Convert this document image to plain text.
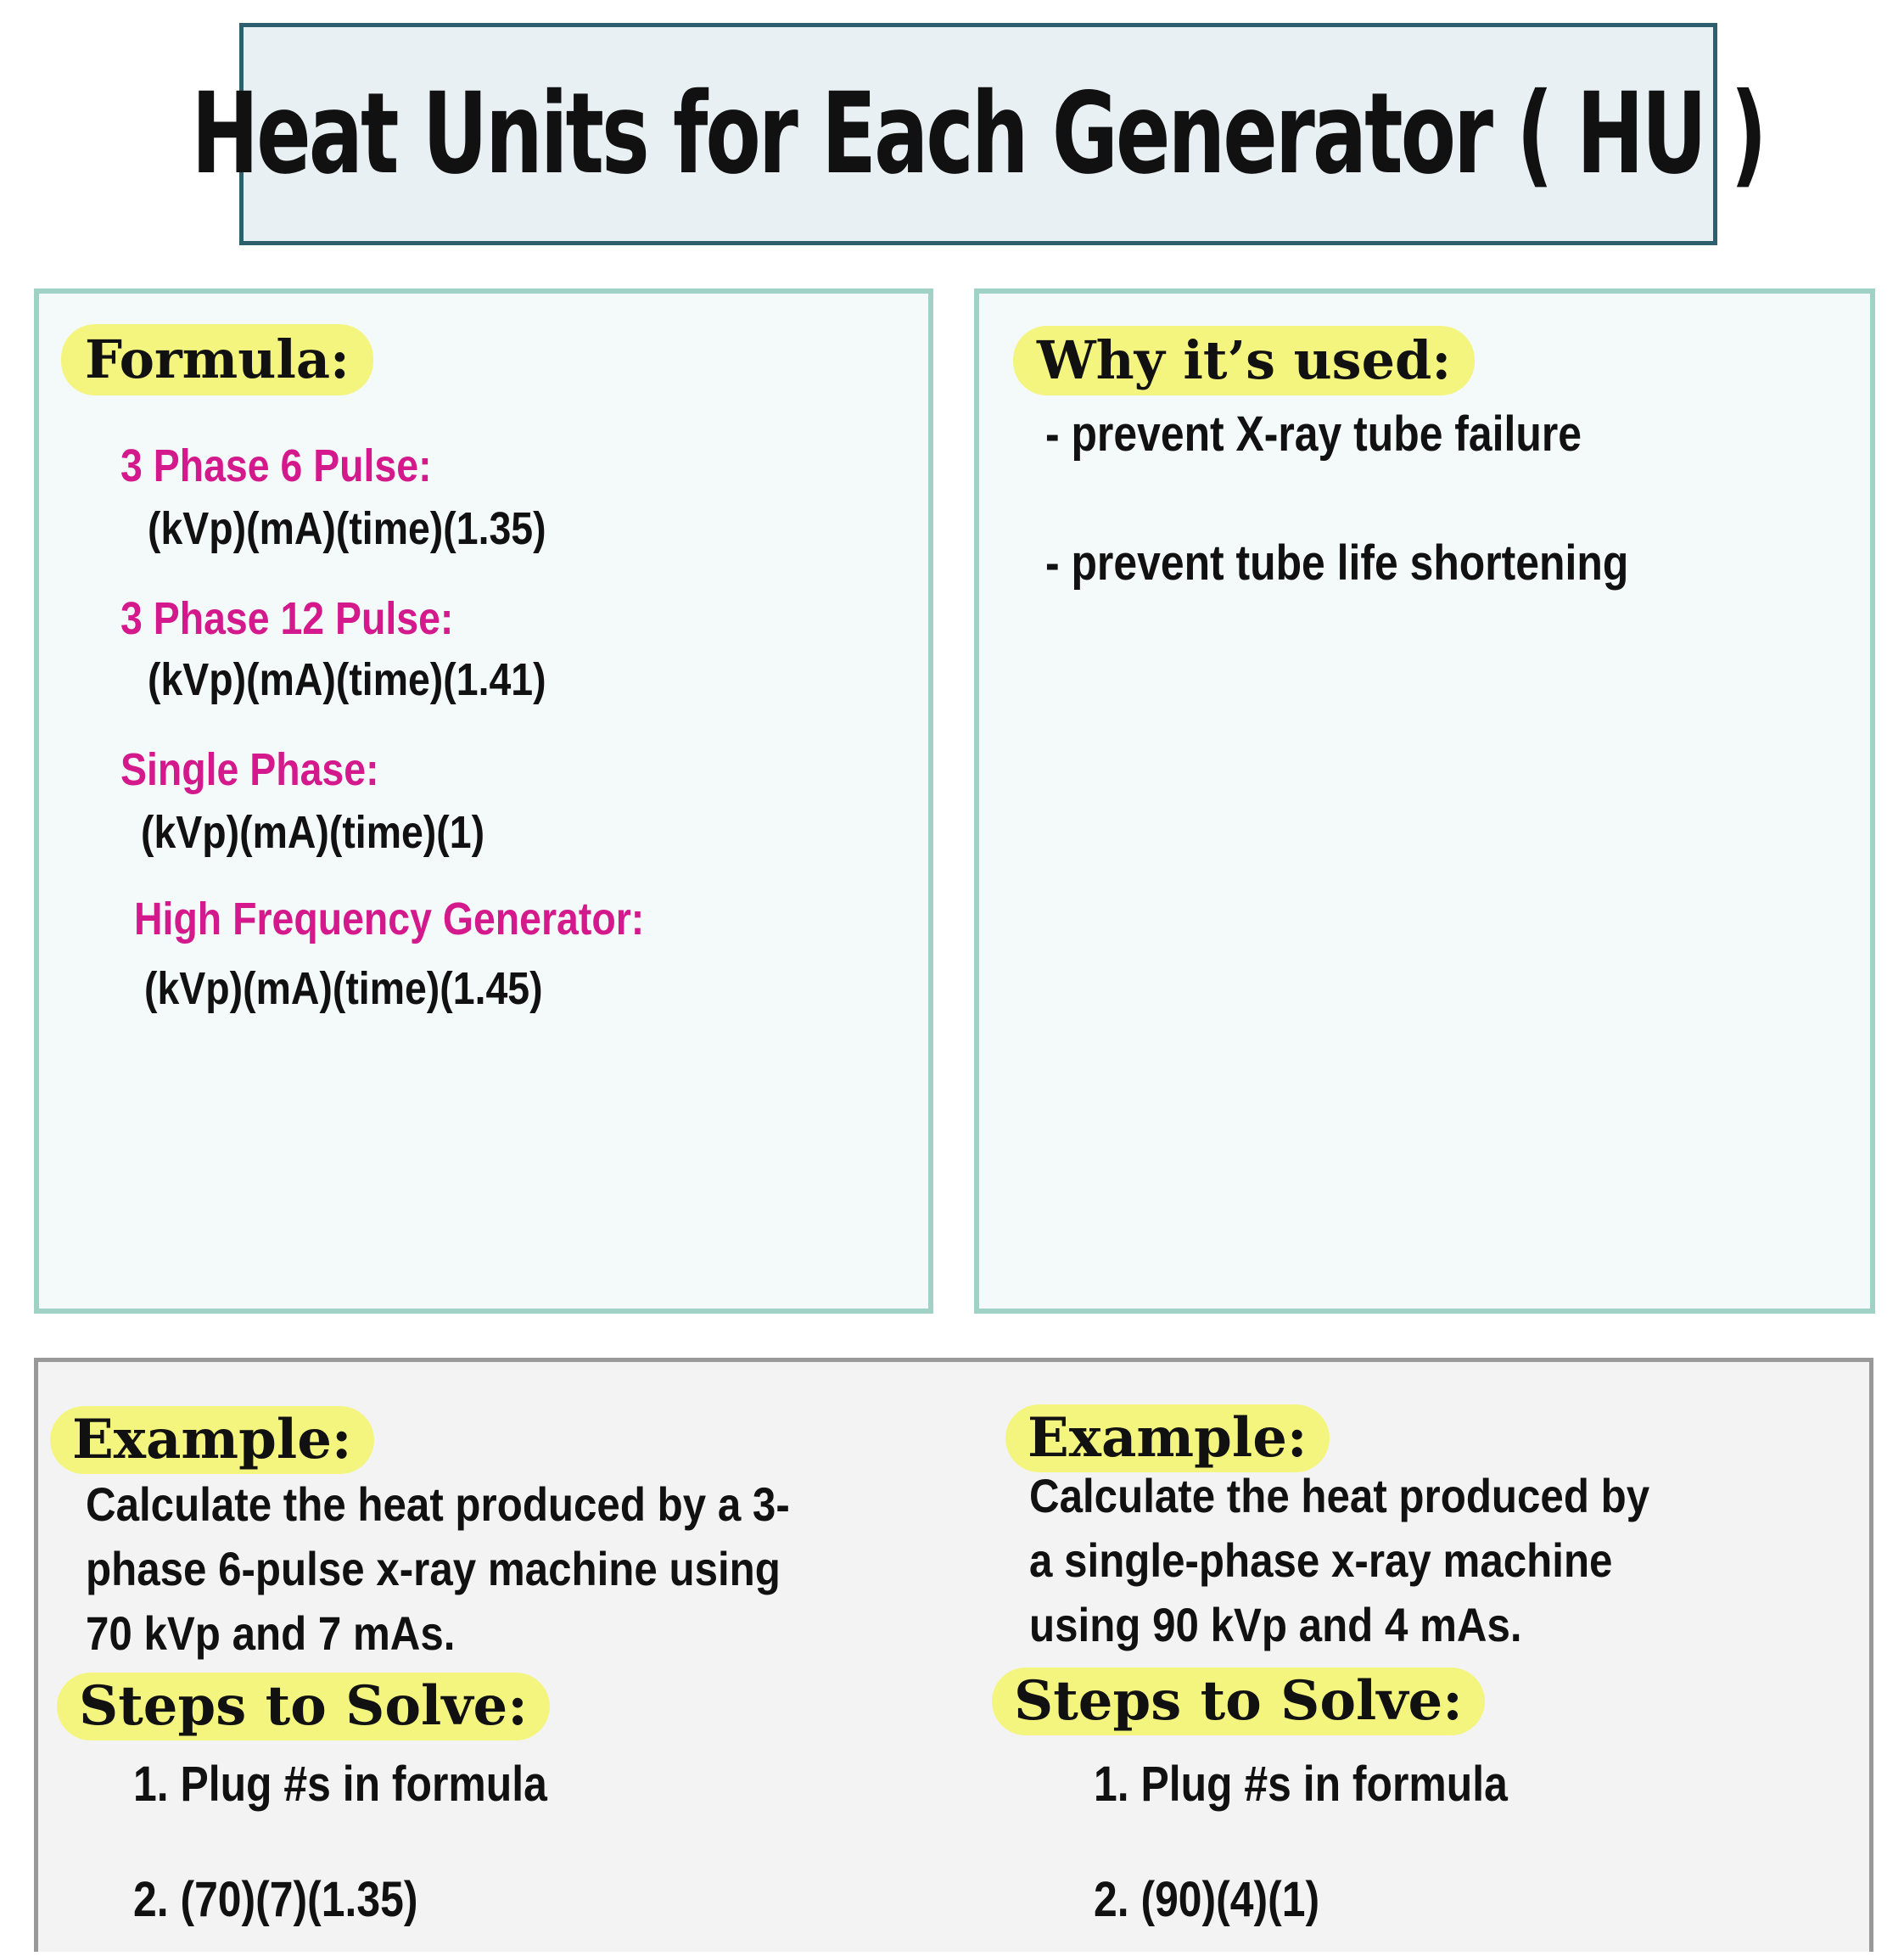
Heat Units for Each Generator ( HU )
Formula:
3 Phase 6 Pulse:
(kVp)(mA)(time)(1.35)
3 Phase 12 Pulse:
(kVp)(mA)(time)(1.41)
Single Phase:
(kVp)(mA)(time)(1)
High Frequency Generator:
(kVp)(mA)(time)(1.45)
Why it’s used:
- prevent X-ray tube failure
- prevent tube life shortening
Example:
Calculate the heat produced by a 3-
phase 6-pulse x-ray machine using
70 kVp and 7 mAs.
Steps to Solve:
1. Plug #s in formula
2. (70)(7)(1.35)
Example:
Calculate the heat produced by
a single-phase x-ray machine
using 90 kVp and 4 mAs.
Steps to Solve:
1. Plug #s in formula
2. (90)(4)(1)
